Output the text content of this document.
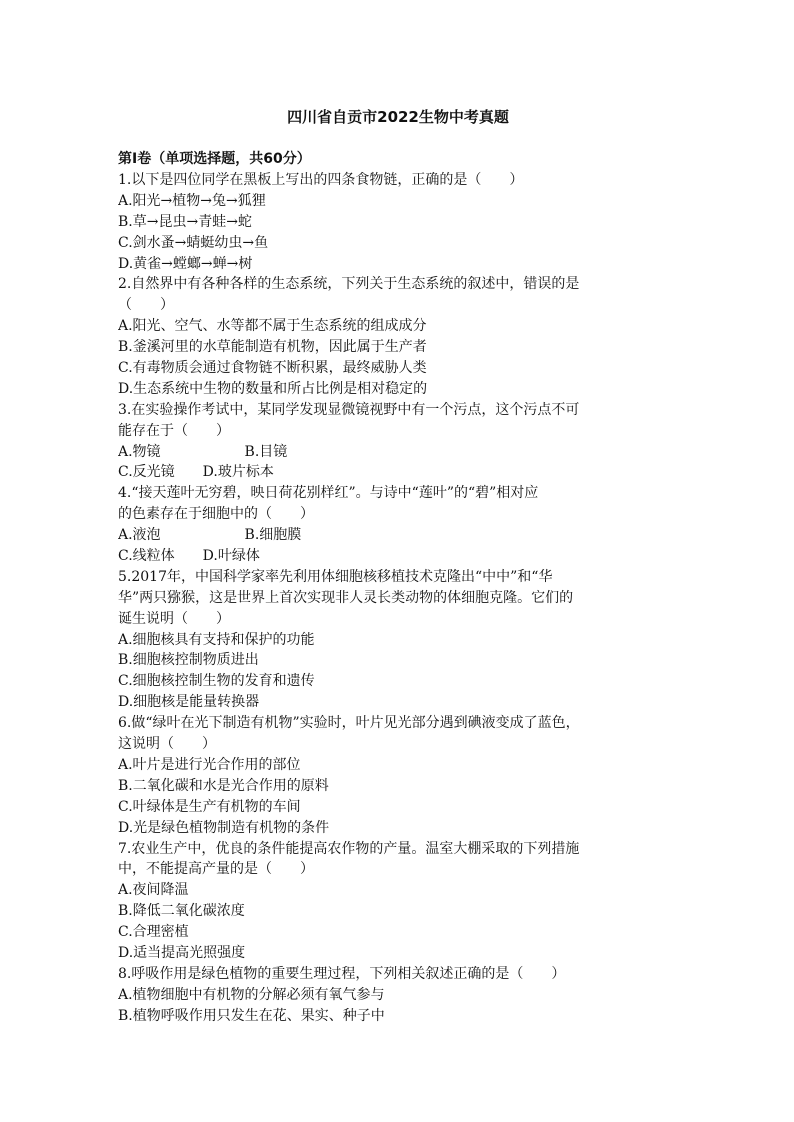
四川省自贡市2022生物中考真题
第Ⅰ卷（单项选择题，共60分）
1.以下是四位同学在黑板上写出的四条食物链，正确的是（　　）
A.阳光→植物→兔→狐狸
B.草→昆虫→青蛙→蛇
C.剑水蚤→蜻蜓幼虫→鱼
D.黄雀→螳螂→蝉→树
2.自然界中有各种各样的生态系统，下列关于生态系统的叙述中，错误的是
（　　）
A.阳光、空气、水等都不属于生态系统的组成成分
B.釜溪河里的水草能制造有机物，因此属于生产者
C.有毒物质会通过食物链不断积累，最终威胁人类
D.生态系统中生物的数量和所占比例是相对稳定的
3.在实验操作考试中，某同学发现显微镜视野中有一个污点，这个污点不可
能存在于（　　）
A.物镜　　　　　　B.目镜
C.反光镜　　D.玻片标本
4.“接天莲叶无穷碧，映日荷花别样红”。与诗中“莲叶”的“碧”相对应
的色素存在于细胞中的（　　）
A.液泡　　　　　　B.细胞膜
C.线粒体　　D.叶绿体
5.2017年，中国科学家率先利用体细胞核移植技术克隆出“中中”和“华
华”两只猕猴，这是世界上首次实现非人灵长类动物的体细胞克隆。它们的
诞生说明（　　）
A.细胞核具有支持和保护的功能
B.细胞核控制物质进出
C.细胞核控制生物的发育和遗传
D.细胞核是能量转换器
6.做“绿叶在光下制造有机物”实验时，叶片见光部分遇到碘液变成了蓝色，
这说明（　　）
A.叶片是进行光合作用的部位
B.二氧化碳和水是光合作用的原料
C.叶绿体是生产有机物的车间
D.光是绿色植物制造有机物的条件
7.农业生产中，优良的条件能提高农作物的产量。温室大棚采取的下列措施
中，不能提高产量的是（　　）
A.夜间降温
B.降低二氧化碳浓度
C.合理密植
D.适当提高光照强度
8.呼吸作用是绿色植物的重要生理过程，下列相关叙述正确的是（　　）
A.植物细胞中有机物的分解必须有氧气参与
B.植物呼吸作用只发生在花、果实、种子中
